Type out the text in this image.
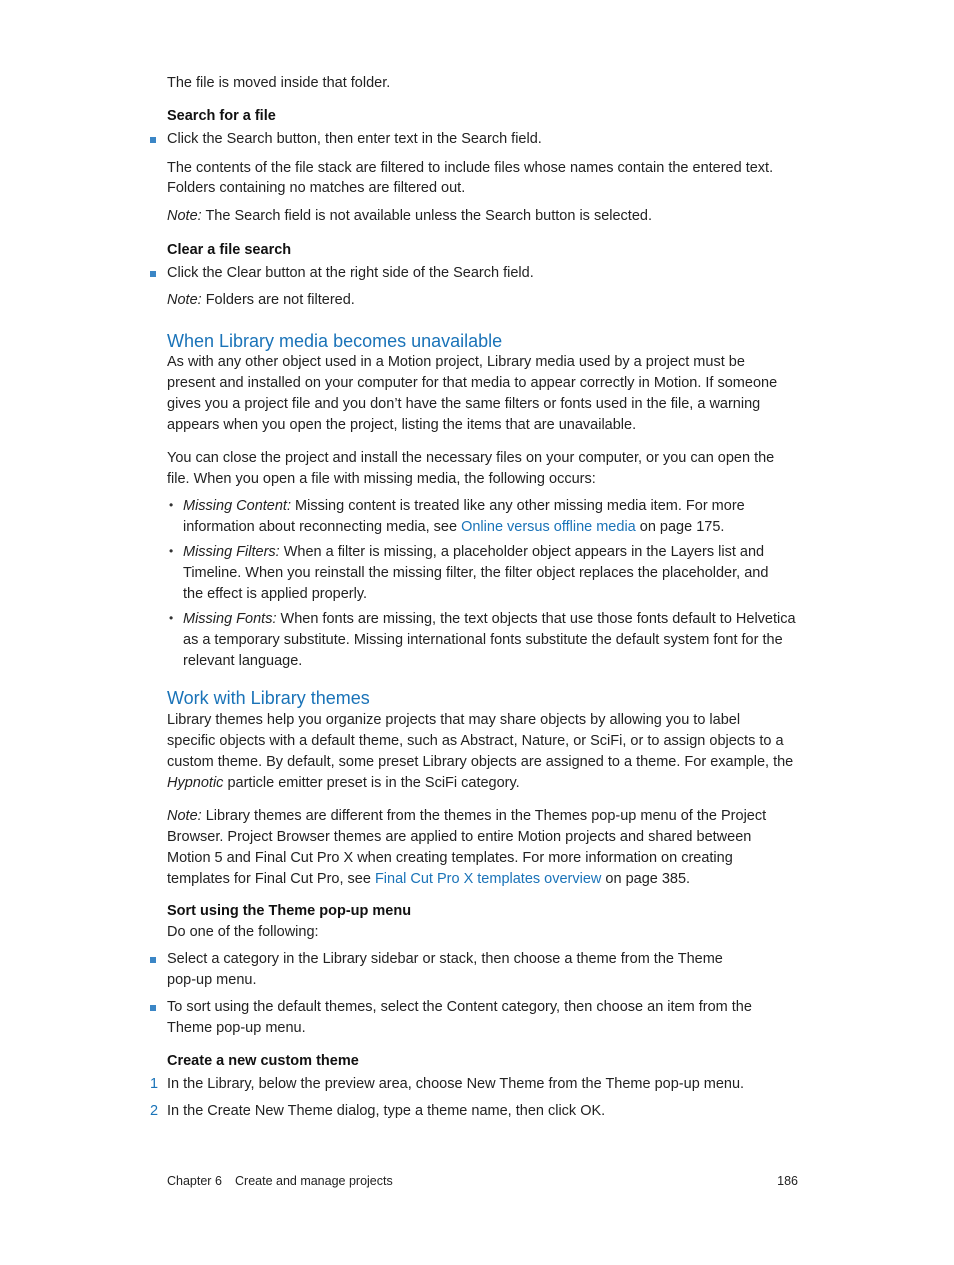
The file is moved inside that folder.
Search for a file
Click the Search button, then enter text in the Search field.
The contents of the file stack are filtered to include files whose names contain the entered text.
Folders containing no matches are filtered out.
Note: The Search field is not available unless the Search button is selected.
Clear a file search
Click the Clear button at the right side of the Search field.
Note: Folders are not filtered.
When Library media becomes unavailable
As with any other object used in a Motion project, Library media used by a project must be
present and installed on your computer for that media to appear correctly in Motion. If someone
gives you a project file and you don’t have the same filters or fonts used in the file, a warning
appears when you open the project, listing the items that are unavailable.
You can close the project and install the necessary files on your computer, or you can open the
file. When you open a file with missing media, the following occurs:
• Missing Content: Missing content is treated like any other missing media item. For more
information about reconnecting media, see Online versus offline media on page 175.
• Missing Filters: When a filter is missing, a placeholder object appears in the Layers list and
Timeline. When you reinstall the missing filter, the filter object replaces the placeholder, and
the effect is applied properly.
• Missing Fonts: When fonts are missing, the text objects that use those fonts default to Helvetica
as a temporary substitute. Missing international fonts substitute the default system font for the
relevant language.
Work with Library themes
Library themes help you organize projects that may share objects by allowing you to label
specific objects with a default theme, such as Abstract, Nature, or SciFi, or to assign objects to a
custom theme. By default, some preset Library objects are assigned to a theme. For example, the
Hypnotic particle emitter preset is in the SciFi category.
Note: Library themes are different from the themes in the Themes pop-up menu of the Project
Browser. Project Browser themes are applied to entire Motion projects and shared between
Motion 5 and Final Cut Pro X when creating templates. For more information on creating
templates for Final Cut Pro, see Final Cut Pro X templates overview on page 385.
Sort using the Theme pop-up menu
Do one of the following:
Select a category in the Library sidebar or stack, then choose a theme from the Theme
pop-up menu.
To sort using the default themes, select the Content category, then choose an item from the
Theme pop-up menu.
Create a new custom theme
1 In the Library, below the preview area, choose New Theme from the Theme pop-up menu.
2 In the Create New Theme dialog, type a theme name, then click OK.
Chapter 6 Create and manage projects	186
